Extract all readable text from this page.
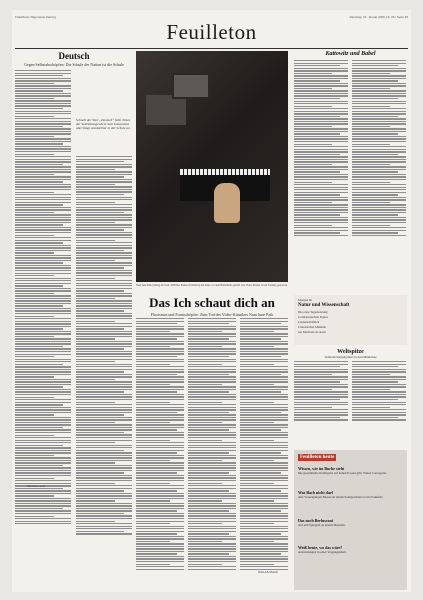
Frankfurter Allgemeine Zeitung	Dienstag, 31. Januar 2006, Nr. 26 / Seite 35
Feuilleton
Deutsch
Gegen Selbstabschöpfen: Die Schule der Nation ist die Schule
Schnell der Wert „Deutsch“ fällt. Noten der Selbstbezogenheit. Sein Integration aber fängt unmittelbar in der Schule an.
Michael Lentz
Nam June Paik (mittig) im Stoß, 1998 Der Pianist (Feldstück) mit Kiste vor dem Bildschirm gestellt. Der Video-Pionier ist am Sonntag gestorben.
Das Ich schaut dich an
Fluxismus und Formschöpfer: Zum Tod des Video-Künstlers Nam June Paik
NIKLAS MAAK
Kattowitz und Babel
Morgen in:
Natur und Wissenschaft
Die erste Tagesleistung
n elektronischen Papier
Leidenschaftlich
Literarischer Maßstab
bei Machado de Assis
Weltspitze
Verbeten Kaltphysiker an drei Mindelsee
Feuilleton heute
Wissen, wie im Buche steht
Die gesammelte Intelligenz auf hohen Posten gibt: Walter Gertoppler.
Was Bach nicht darf
Alle Vorzeigungen Basses an einem Komponisten ist im Frankfurt.
Das noch Berlusconi
Auf den Spiegeln an einem Museum.
Weiß heute, wo das wäre?
Ausstattungen in einer Vergangenheit.
